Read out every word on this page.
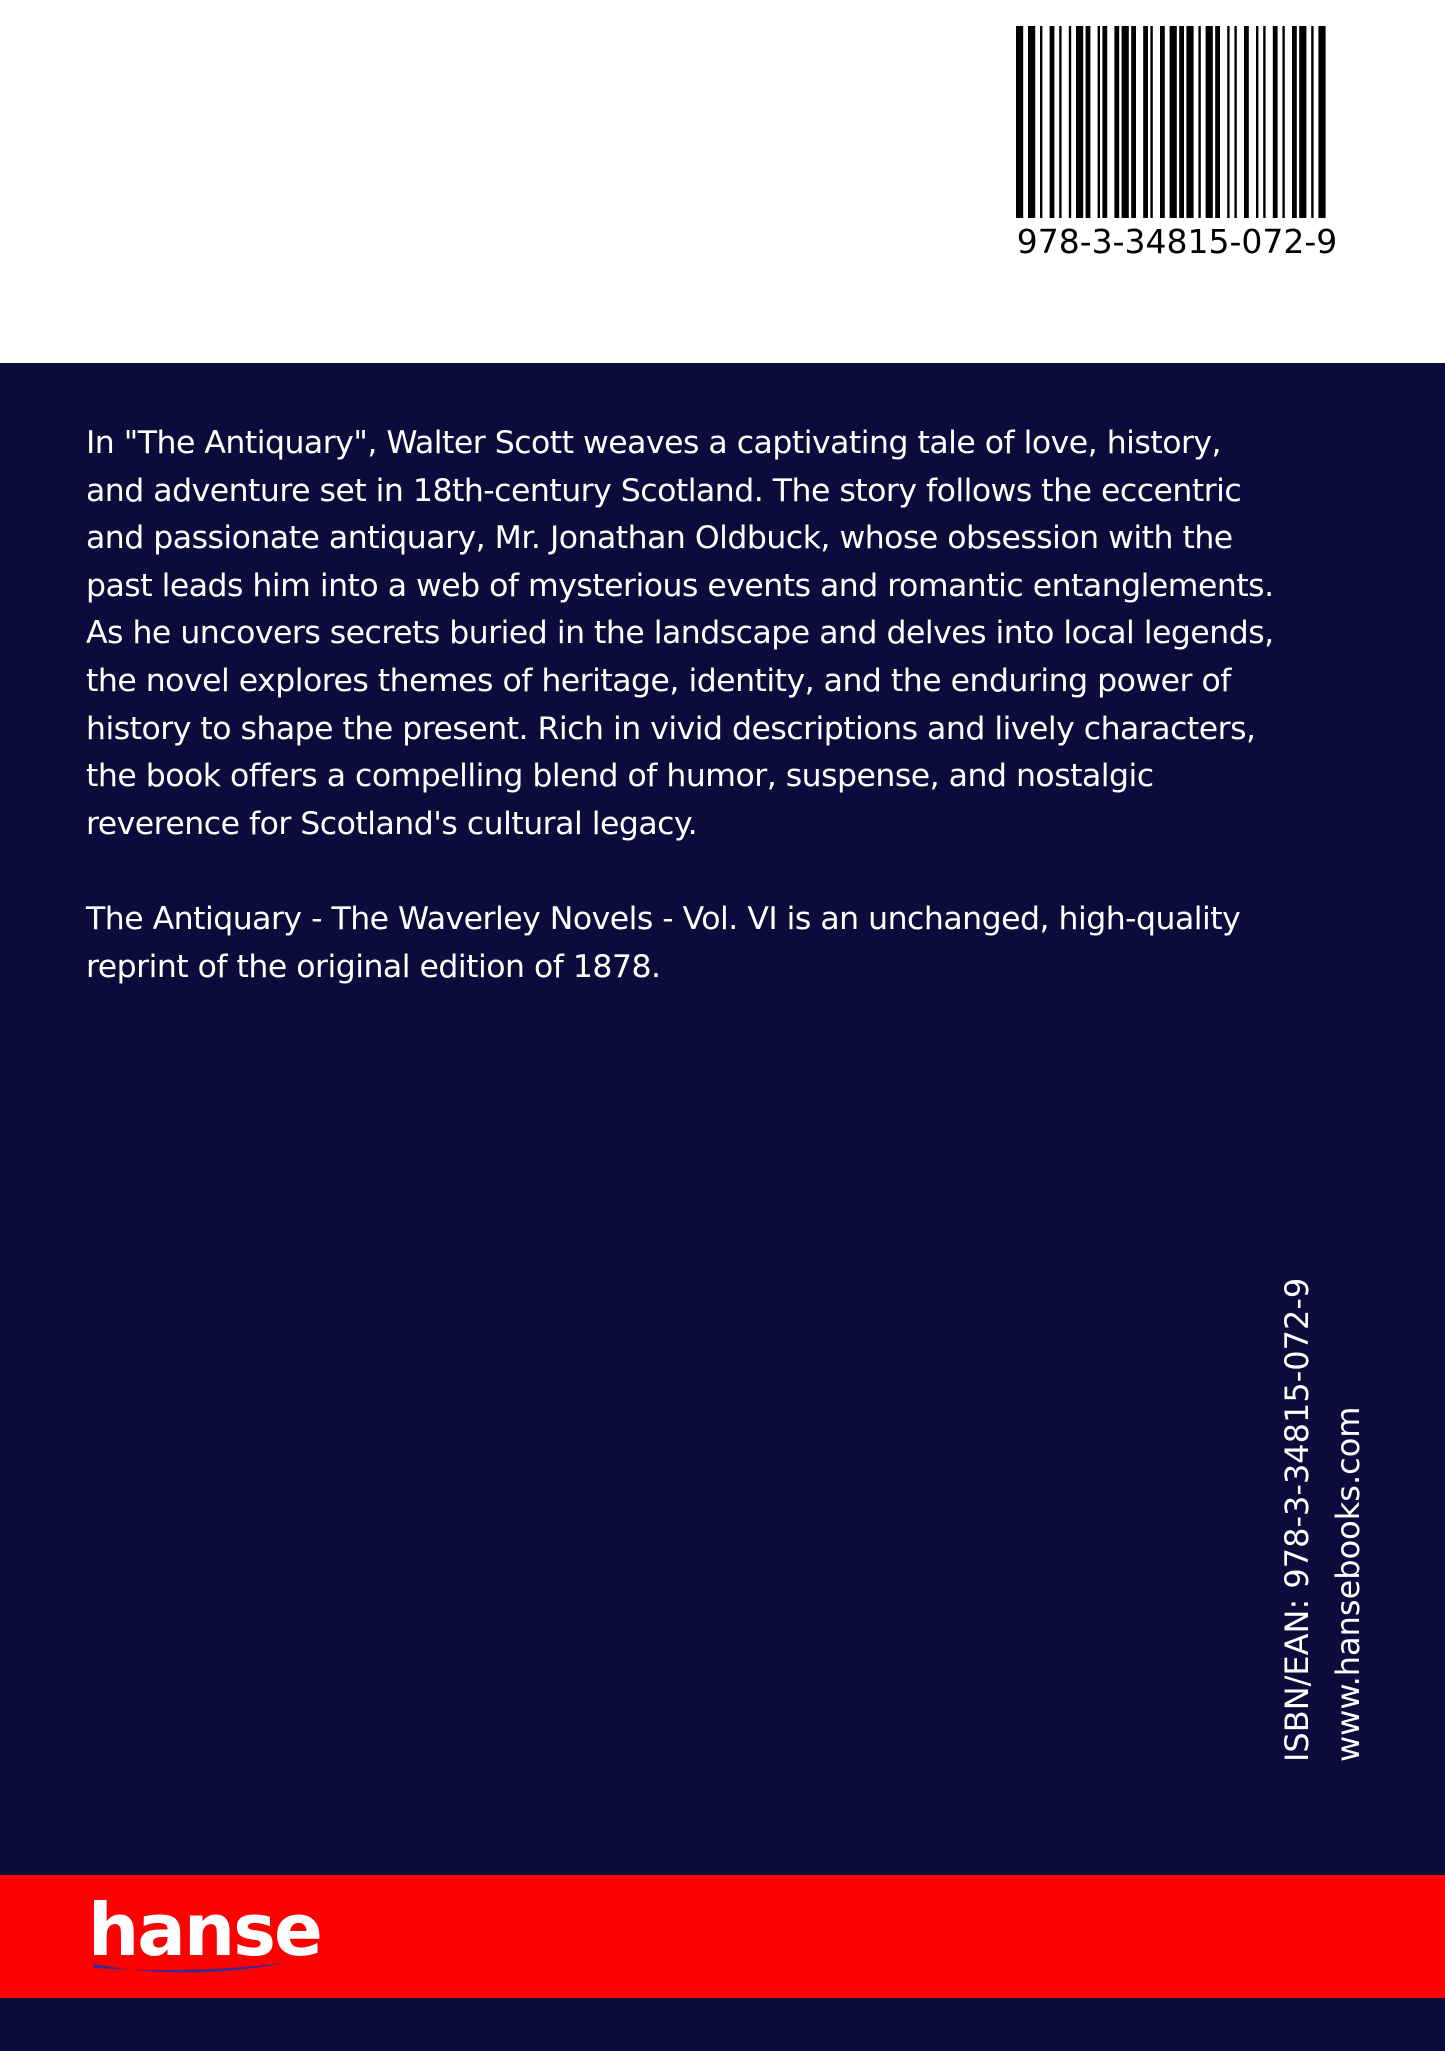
978-3-34815-072-9
In "The Antiquary", Walter Scott weaves a captivating tale of love, history,
and adventure set in 18th-century Scotland. The story follows the eccentric
and passionate antiquary, Mr. Jonathan Oldbuck, whose obsession with the
past leads him into a web of mysterious events and romantic entanglements.
As he uncovers secrets buried in the landscape and delves into local legends,
the novel explores themes of heritage, identity, and the enduring power of
history to shape the present. Rich in vivid descriptions and lively characters,
the book offers a compelling blend of humor, suspense, and nostalgic
reverence for Scotland's cultural legacy.
The Antiquary - The Waverley Novels - Vol. VI is an unchanged, high-quality
reprint of the original edition of 1878.
ISBN/EAN: 978-3-34815-072-9 www.hansebooks.com
hanse
